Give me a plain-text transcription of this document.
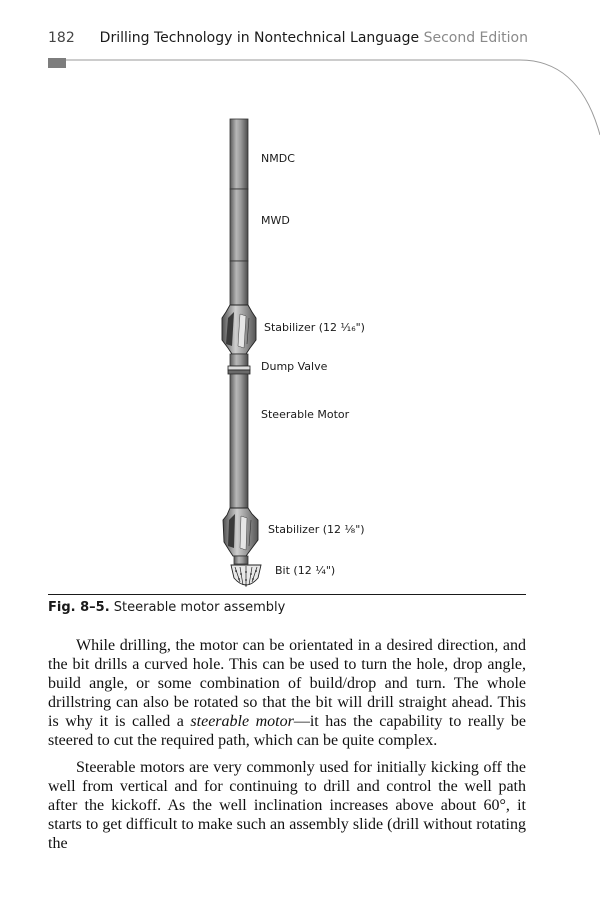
182 Drilling Technology in Nontechnical Language Second Edition
NMDC
MWD
Stabilizer (12 ¹⁄₁₆")
Dump Valve
Steerable Motor
Stabilizer (12 ¹⁄₈")
Bit (12 ¹⁄₄")
Fig. 8–5. Steerable motor assembly

While drilling, the motor can be orientated in a desired direction, and the bit drills a curved hole. This can be used to turn the hole, drop angle, build angle, or some combination of build/drop and turn. The whole drillstring can also be rotated so that the bit will drill straight ahead. This is why it is called a steerable motor—it has the capability to really be steered to cut the required path, which can be quite complex.

Steerable motors are very commonly used for initially kicking off the well from vertical and for continuing to drill and control the well path after the kickoff. As the well inclination increases above about 60°, it starts to get difficult to make such an assembly slide (drill without rotating the
